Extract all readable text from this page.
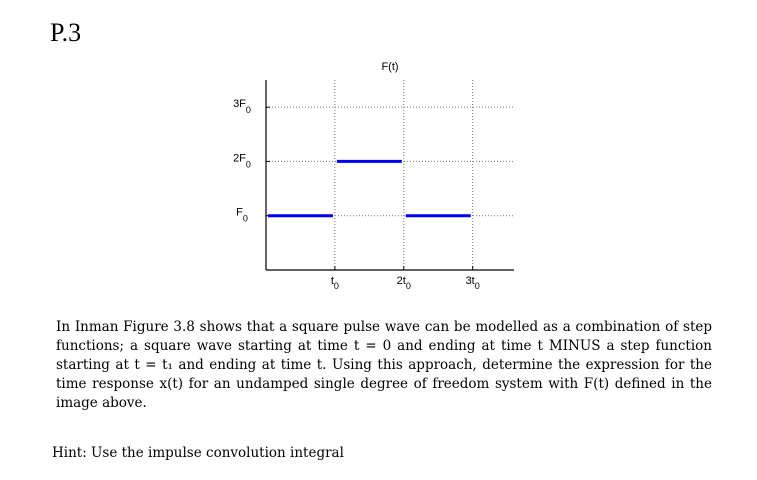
P.3
$t_0$	$2t_0$	$3t_0$
$F_0$
$2F_0$
$3F_0$
F(t)

In Inman Figure 3.8 shows that a square pulse wave can be modelled as a combination of step functions; a square wave starting at time t = 0 and ending at time t MINUS a step function starting at t = t₁ and ending at time t. Using this approach, determine the expression for the time response x(t) for an undamped single degree of freedom system with F(t) defined in the image above.

Hint: Use the impulse convolution integral
